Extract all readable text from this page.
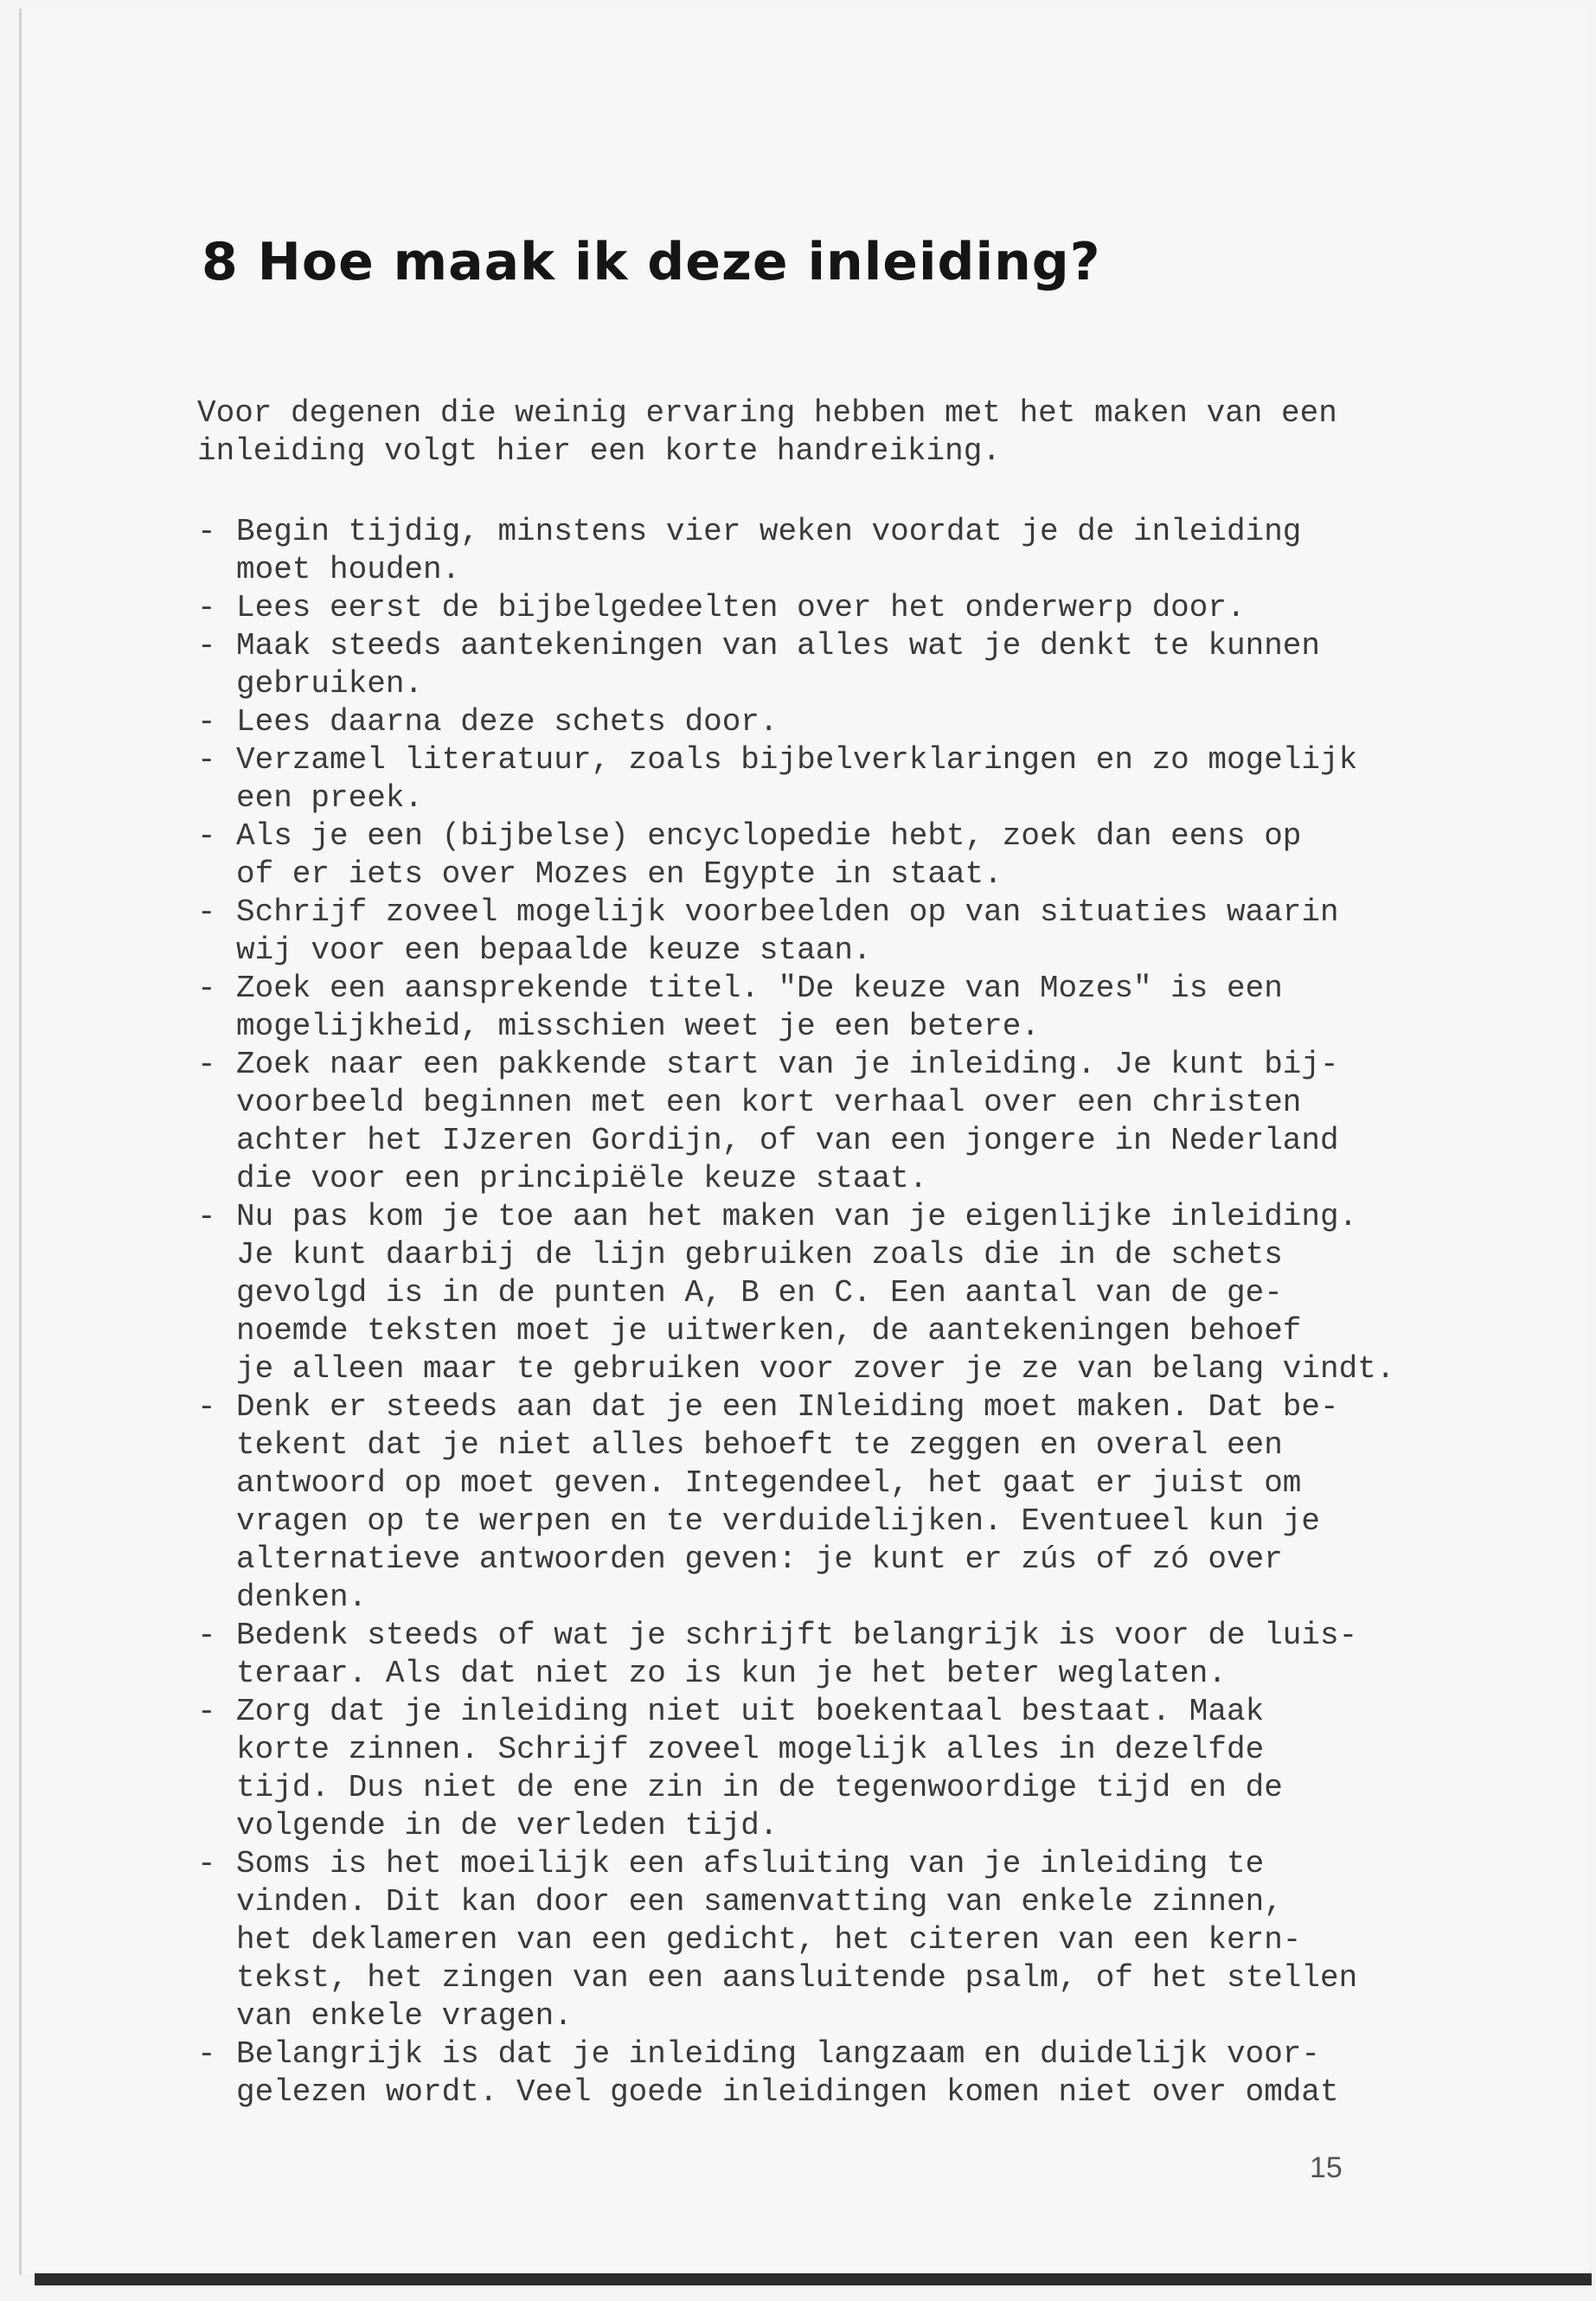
8 Hoe maak ik deze inleiding?

Voor degenen die weinig ervaring hebben met het maken van een
inleiding volgt hier een korte handreiking.

- Begin tijdig, minstens vier weken voordat je de inleiding
moet houden.
- Lees eerst de bijbelgedeelten over het onderwerp door.
- Maak steeds aantekeningen van alles wat je denkt te kunnen
gebruiken.
- Lees daarna deze schets door.
- Verzamel literatuur, zoals bijbelverklaringen en zo mogelijk
een preek.
- Als je een (bijbelse) encyclopedie hebt, zoek dan eens op
of er iets over Mozes en Egypte in staat.
- Schrijf zoveel mogelijk voorbeelden op van situaties waarin
wij voor een bepaalde keuze staan.
- Zoek een aansprekende titel. "De keuze van Mozes" is een
mogelijkheid, misschien weet je een betere.
- Zoek naar een pakkende start van je inleiding. Je kunt bij-
voorbeeld beginnen met een kort verhaal over een christen
achter het IJzeren Gordijn, of van een jongere in Nederland
die voor een principiële keuze staat.
- Nu pas kom je toe aan het maken van je eigenlijke inleiding.
Je kunt daarbij de lijn gebruiken zoals die in de schets
gevolgd is in de punten A, B en C. Een aantal van de ge-
noemde teksten moet je uitwerken, de aantekeningen behoef
je alleen maar te gebruiken voor zover je ze van belang vindt.
- Denk er steeds aan dat je een INleiding moet maken. Dat be-
tekent dat je niet alles behoeft te zeggen en overal een
antwoord op moet geven. Integendeel, het gaat er juist om
vragen op te werpen en te verduidelijken. Eventueel kun je
alternatieve antwoorden geven: je kunt er zús of zó over
denken.
- Bedenk steeds of wat je schrijft belangrijk is voor de luis-
teraar. Als dat niet zo is kun je het beter weglaten.
- Zorg dat je inleiding niet uit boekentaal bestaat. Maak
korte zinnen. Schrijf zoveel mogelijk alles in dezelfde
tijd. Dus niet de ene zin in de tegenwoordige tijd en de
volgende in de verleden tijd.
- Soms is het moeilijk een afsluiting van je inleiding te
vinden. Dit kan door een samenvatting van enkele zinnen,
het deklameren van een gedicht, het citeren van een kern-
tekst, het zingen van een aansluitende psalm, of het stellen
van enkele vragen.
- Belangrijk is dat je inleiding langzaam en duidelijk voor-
gelezen wordt. Veel goede inleidingen komen niet over omdat
15
